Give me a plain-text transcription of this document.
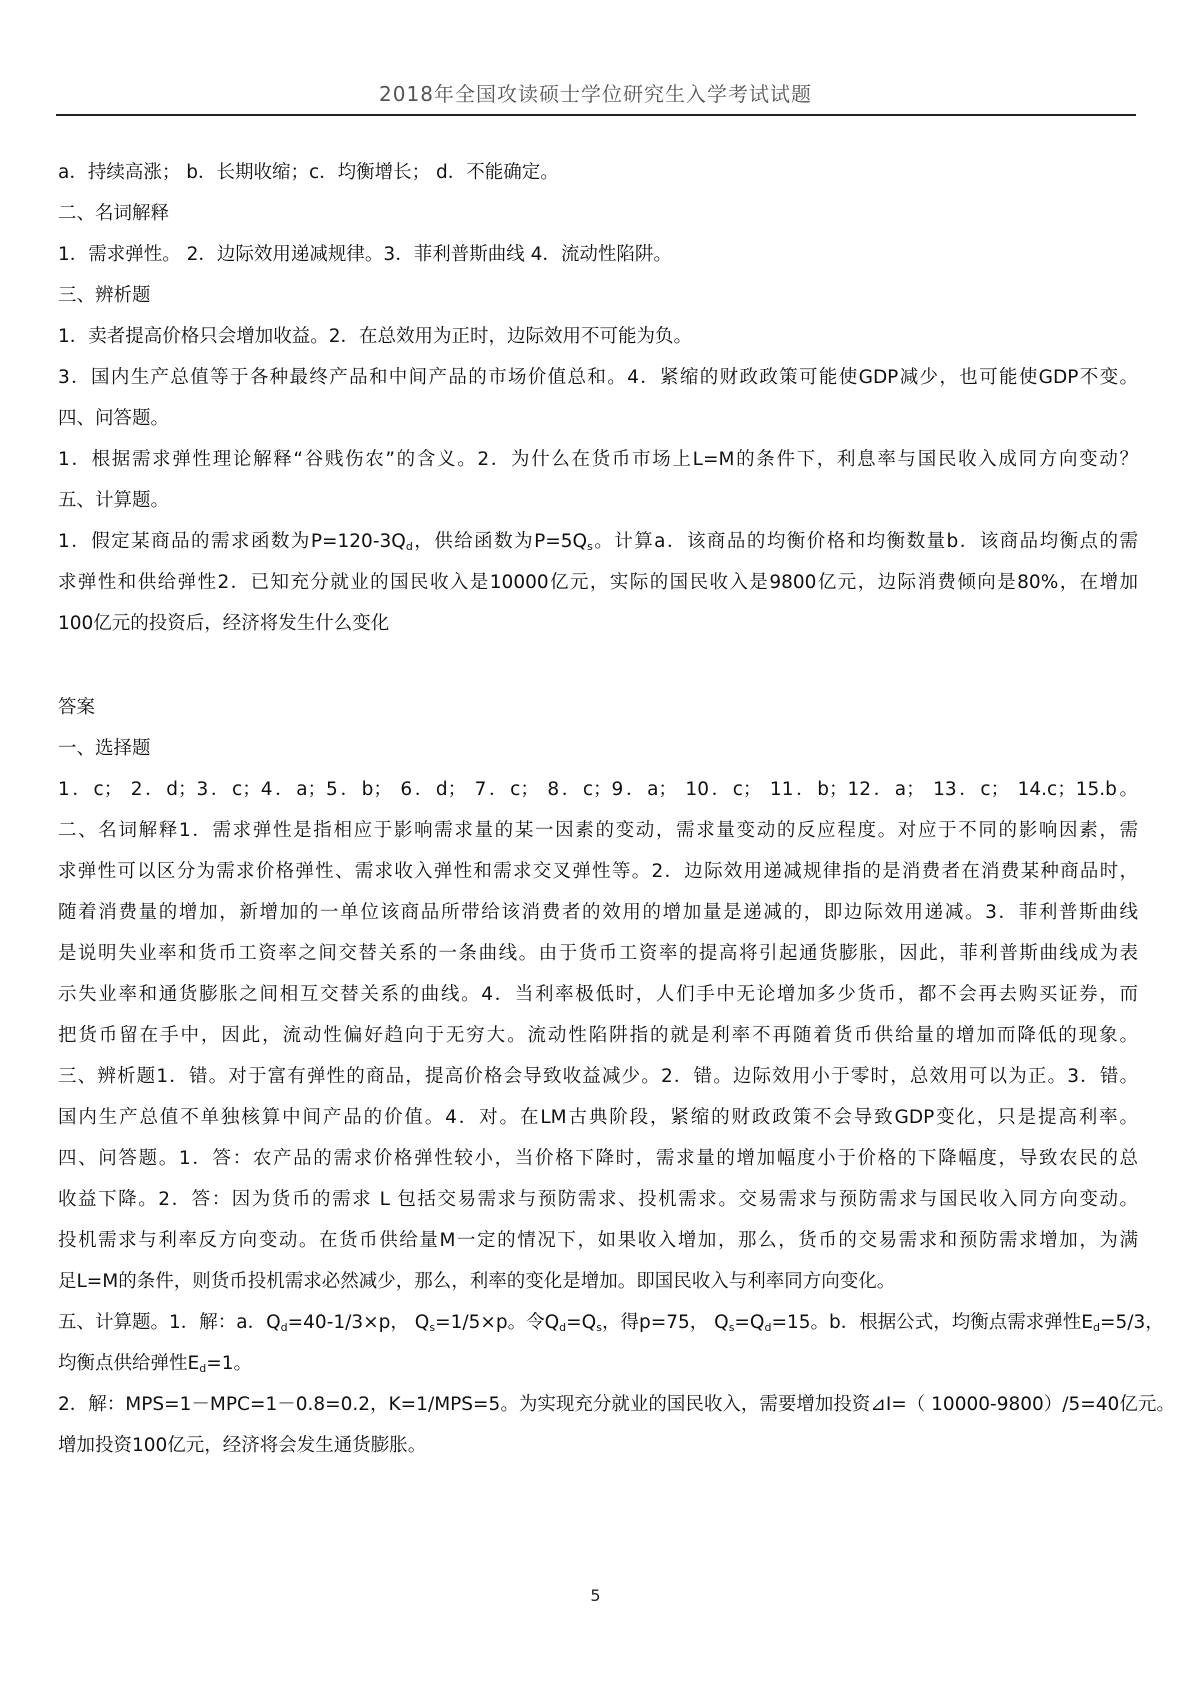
2018年全国攻读硕士学位研究生入学考试试题
a．持续高涨； b．长期收缩；c．均衡增长； d．不能确定。
二、名词解释
1．需求弹性。 2．边际效用递减规律。3．菲利普斯曲线 4．流动性陷阱。
三、辨析题
1．卖者提高价格只会增加收益。2．在总效用为正时，边际效用不可能为负。
3．国内生产总值等于各种最终产品和中间产品的市场价值总和。4．紧缩的财政政策可能使GDP减少，也可能使GDP不变。
四、问答题。
1．根据需求弹性理论解释“谷贱伤农”的含义。2．为什么在货币市场上L=M的条件下，利息率与国民收入成同方向变动？
五、计算题。
1．假定某商品的需求函数为$P=120-3Q_d$，供给函数为$P=5Q_s$。计算a．该商品的均衡价格和均衡数量b．该商品均衡点的需
求弹性和供给弹性2．已知充分就业的国民收入是10000亿元，实际的国民收入是9800亿元，边际消费倾向是80%，在增加
100亿元的投资后，经济将发生什么变化
答案
一、选择题
1．c； 2．d；3．c；4．a；5．b； 6．d； 7．c； 8．c；9．a； 10．c； 11．b；12．a； 13．c； 14.c；15.b。
二、名词解释1．需求弹性是指相应于影响需求量的某一因素的变动，需求量变动的反应程度。对应于不同的影响因素，需
求弹性可以区分为需求价格弹性、需求收入弹性和需求交叉弹性等。2．边际效用递减规律指的是消费者在消费某种商品时，
随着消费量的增加，新增加的一单位该商品所带给该消费者的效用的增加量是递减的，即边际效用递减。3．菲利普斯曲线
是说明失业率和货币工资率之间交替关系的一条曲线。由于货币工资率的提高将引起通货膨胀，因此，菲利普斯曲线成为表
示失业率和通货膨胀之间相互交替关系的曲线。4．当利率极低时，人们手中无论增加多少货币，都不会再去购买证券，而
把货币留在手中，因此，流动性偏好趋向于无穷大。流动性陷阱指的就是利率不再随着货币供给量的增加而降低的现象。
三、辨析题1．错。对于富有弹性的商品，提高价格会导致收益减少。2．错。边际效用小于零时，总效用可以为正。3．错。
国内生产总值不单独核算中间产品的价值。4．对。在LM古典阶段，紧缩的财政政策不会导致GDP变化，只是提高利率。
四、问答题。1．答：农产品的需求价格弹性较小，当价格下降时，需求量的增加幅度小于价格的下降幅度，导致农民的总
收益下降。2．答：因为货币的需求 L 包括交易需求与预防需求、投机需求。交易需求与预防需求与国民收入同方向变动。
投机需求与利率反方向变动。在货币供给量M一定的情况下，如果收入增加，那么，货币的交易需求和预防需求增加，为满
足L=M的条件，则货币投机需求必然减少，那么，利率的变化是增加。即国民收入与利率同方向变化。
五、计算题。1．解：a．$Q_d=40-1/3\times p$， $Q_s=1/5\times p$。令$Q_d=Q_s$，得p=75， $Q_s=Q_d=15$。b．根据公式，均衡点需求弹性$E_d=5/3$，
均衡点供给弹性$E_d=1$。
2．解：MPS=1－MPC=1－0.8=0.2，K=1/MPS=5。为实现充分就业的国民收入，需要增加投资⊿I=（ 10000-9800）/5=40亿元。
增加投资100亿元，经济将会发生通货膨胀。
5
